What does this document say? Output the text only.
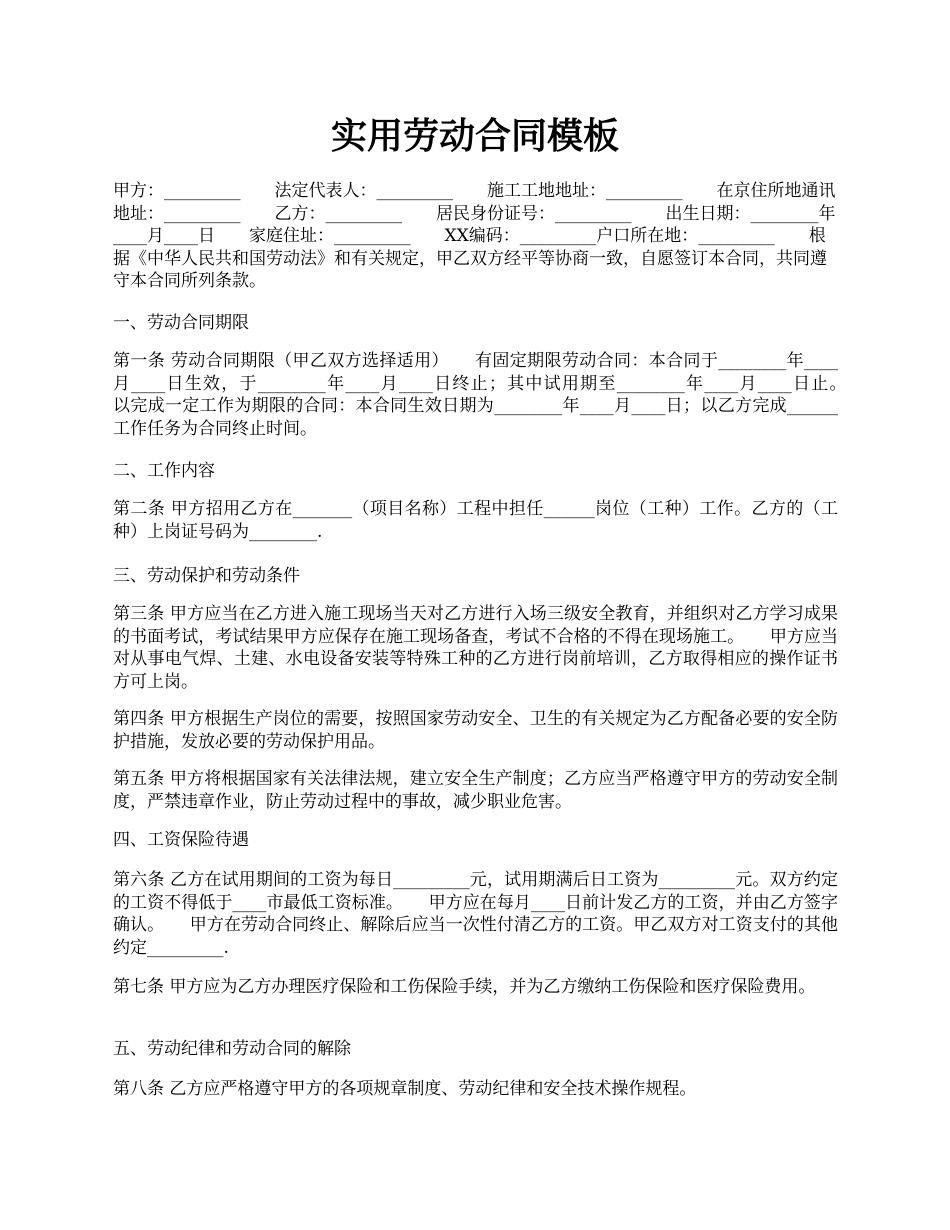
实用劳动合同模板

甲方：_________　　法定代表人：_________　　施工工地地址：_________　　在京住所地通讯地址：_________　　乙方：_________　　居民身份证号：_________　　出生日期：________年____月____日　　家庭住址：_________　　XX编码：_________户口所在地：_________　　根据《中华人民共和国劳动法》和有关规定，甲乙双方经平等协商一致，自愿签订本合同，共同遵守本合同所列条款。

一、劳动合同期限

第一条 劳动合同期限（甲乙双方选择适用）　　有固定期限劳动合同：本合同于________年____月____日生效，于________年____月____日终止；其中试用期至________年____月____日止。　　以完成一定工作为期限的合同：本合同生效日期为________年____月____日；以乙方完成______工作任务为合同终止时间。

二、工作内容

第二条 甲方招用乙方在_______（项目名称）工程中担任______岗位（工种）工作。乙方的（工种）上岗证号码为________.

三、劳动保护和劳动条件

第三条 甲方应当在乙方进入施工现场当天对乙方进行入场三级安全教育，并组织对乙方学习成果的书面考试，考试结果甲方应保存在施工现场备查，考试不合格的不得在现场施工。　　甲方应当对从事电气焊、土建、水电设备安装等特殊工种的乙方进行岗前培训，乙方取得相应的操作证书方可上岗。

第四条 甲方根据生产岗位的需要，按照国家劳动安全、卫生的有关规定为乙方配备必要的安全防护措施，发放必要的劳动保护用品。

第五条 甲方将根据国家有关法律法规，建立安全生产制度；乙方应当严格遵守甲方的劳动安全制度，严禁违章作业，防止劳动过程中的事故，减少职业危害。

四、工资保险待遇

第六条 乙方在试用期间的工资为每日_________元，试用期满后日工资为_________元。双方约定的工资不得低于____市最低工资标准。　　甲方应在每月____日前计发乙方的工资，并由乙方签字确认。　　甲方在劳动合同终止、解除后应当一次性付清乙方的工资。甲乙双方对工资支付的其他约定_________.

第七条 甲方应为乙方办理医疗保险和工伤保险手续，并为乙方缴纳工伤保险和医疗保险费用。

五、劳动纪律和劳动合同的解除

第八条 乙方应严格遵守甲方的各项规章制度、劳动纪律和安全技术操作规程。
